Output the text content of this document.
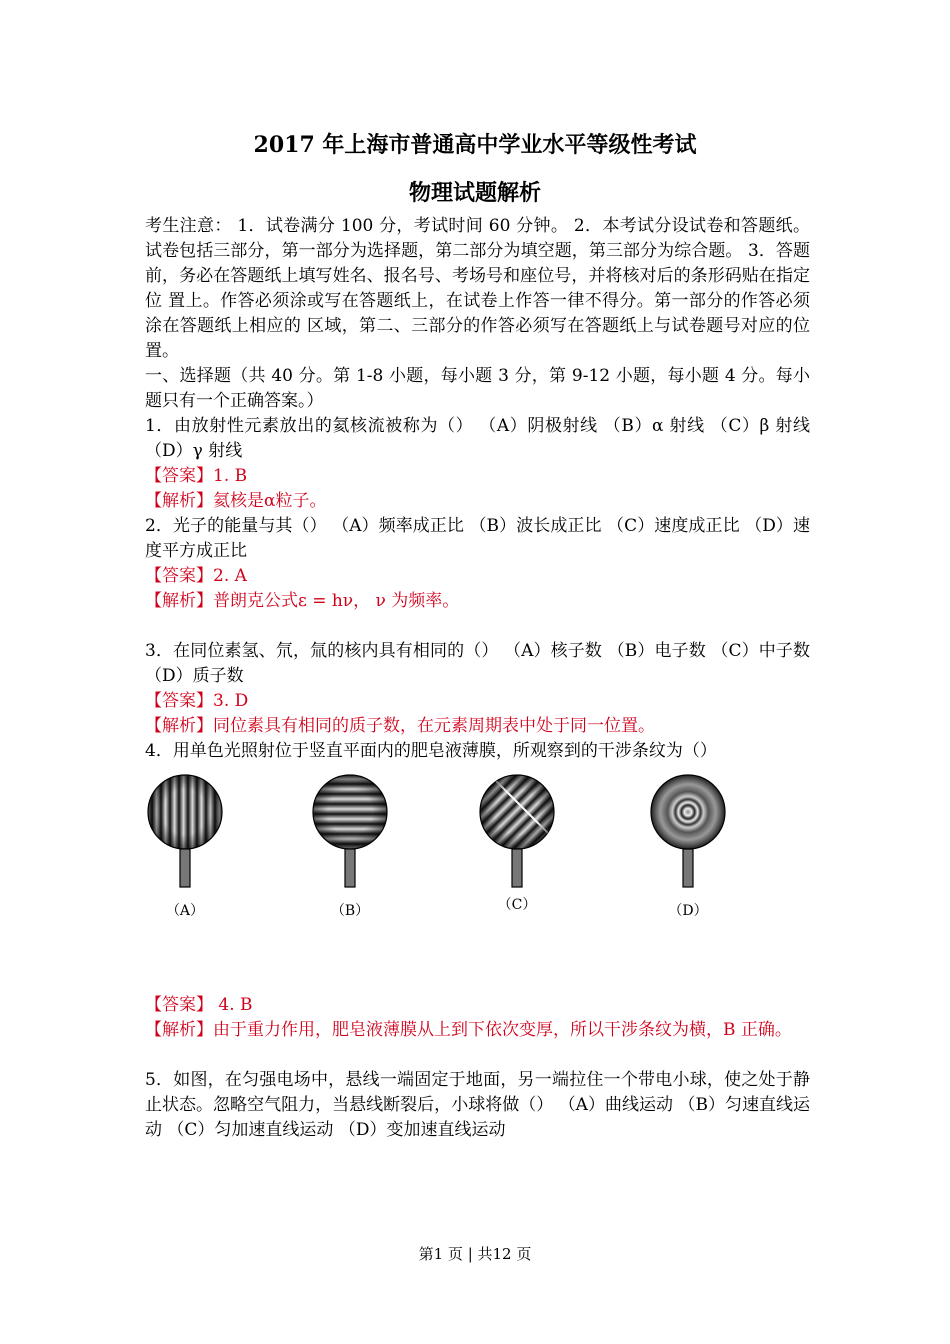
2017 年上海市普通高中学业水平等级性考试
物理试题解析

考生注意： 1．试卷满分 100 分，考试时间 60 分钟。 2．本考试分设试卷和答题纸。试卷包括三部分，第一部分为选择题，第二部分为填空题，第三部分为综合题。 3．答题前，务必在答题纸上填写姓名、报名号、考场号和座位号，并将核对后的条形码贴在指定位 置上。作答必须涂或写在答题纸上，在试卷上作答一律不得分。第一部分的作答必须涂在答题纸上相应的 区域，第二、三部分的作答必须写在答题纸上与试卷题号对应的位置。

一、选择题（共 40 分。第 1-8 小题，每小题 3 分，第 9-12 小题，每小题 4 分。每小题只有一个正确答案。）

1．由放射性元素放出的氦核流被称为（） （A）阴极射线 （B）α 射线 （C）β 射线 （D）γ 射线

【答案】1. B

【解析】氦核是α粒子。

2．光子的能量与其（） （A）频率成正比 （B）波长成正比 （C）速度成正比 （D）速度平方成正比

【答案】2. A

【解析】普朗克公式ε = hν， ν 为频率。

3．在同位素氢、氘，氚的核内具有相同的（） （A）核子数 （B）电子数 （C）中子数 （D）质子数

【答案】3. D

【解析】同位素具有相同的质子数，在元素周期表中处于同一位置。

4．用单色光照射位于竖直平面内的肥皂液薄膜，所观察到的干涉条纹为（）

（A）	（B）	（C）	（D）

【答案】 4. B

【解析】由于重力作用，肥皂液薄膜从上到下依次变厚，所以干涉条纹为横，B 正确。

5．如图，在匀强电场中，悬线一端固定于地面，另一端拉住一个带电小球，使之处于静止状态。忽略空气阻力，当悬线断裂后，小球将做（） （A）曲线运动 （B）匀速直线运动 （C）匀加速直线运动 （D）变加速直线运动

第1 页 | 共12 页
